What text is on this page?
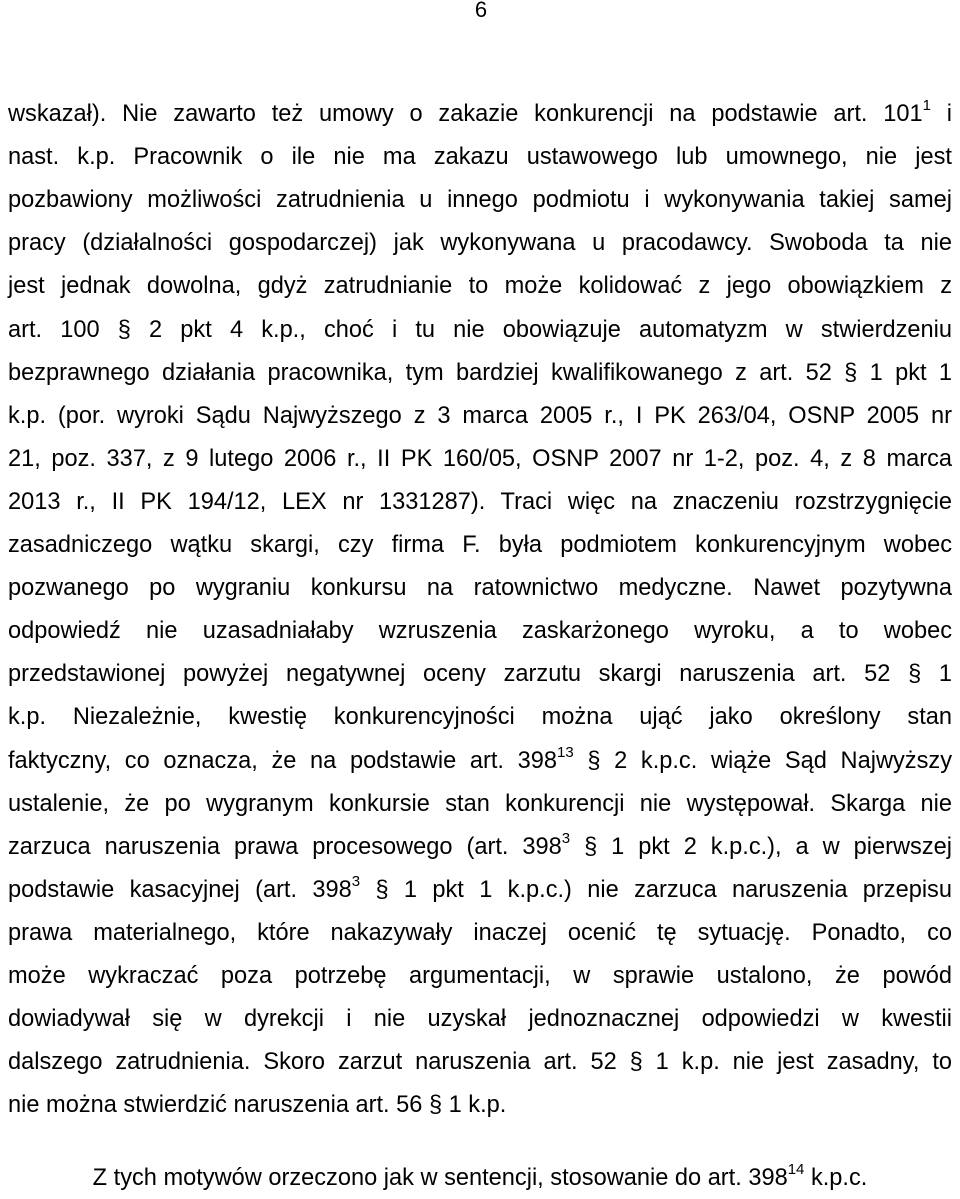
6
wskazał). Nie zawarto też umowy o zakazie konkurencji na podstawie art. $101^1$ i
nast. k.p. Pracownik o ile nie ma zakazu ustawowego lub umownego, nie jest
pozbawiony możliwości zatrudnienia u innego podmiotu i wykonywania takiej samej
pracy (działalności gospodarczej) jak wykonywana u pracodawcy. Swoboda ta nie
jest jednak dowolna, gdyż zatrudnianie to może kolidować z jego obowiązkiem z
art. 100 § 2 pkt 4 k.p., choć i tu nie obowiązuje automatyzm w stwierdzeniu
bezprawnego działania pracownika, tym bardziej kwalifikowanego z art. 52 § 1 pkt 1
k.p. (por. wyroki Sądu Najwyższego z 3 marca 2005 r., I PK 263/04, OSNP 2005 nr
21, poz. 337, z 9 lutego 2006 r., II PK 160/05, OSNP 2007 nr 1-2, poz. 4, z 8 marca
2013 r., II PK 194/12, LEX nr 1331287). Traci więc na znaczeniu rozstrzygnięcie
zasadniczego wątku skargi, czy firma F. była podmiotem konkurencyjnym wobec
pozwanego po wygraniu konkursu na ratownictwo medyczne. Nawet pozytywna
odpowiedź nie uzasadniałaby wzruszenia zaskarżonego wyroku, a to wobec
przedstawionej powyżej negatywnej oceny zarzutu skargi naruszenia art. 52 § 1
k.p. Niezależnie, kwestię konkurencyjności można ująć jako określony stan
faktyczny, co oznacza, że na podstawie art. $398^{13}$ § 2 k.p.c. wiąże Sąd Najwyższy
ustalenie, że po wygranym konkursie stan konkurencji nie występował. Skarga nie
zarzuca naruszenia prawa procesowego (art. $398^3$ § 1 pkt 2 k.p.c.), a w pierwszej
podstawie kasacyjnej (art. $398^3$ § 1 pkt 1 k.p.c.) nie zarzuca naruszenia przepisu
prawa materialnego, które nakazywały inaczej ocenić tę sytuację. Ponadto, co
może wykraczać poza potrzebę argumentacji, w sprawie ustalono, że powód
dowiadywał się w dyrekcji i nie uzyskał jednoznacznej odpowiedzi w kwestii
dalszego zatrudnienia. Skoro zarzut naruszenia art. 52 § 1 k.p. nie jest zasadny, to
nie można stwierdzić naruszenia art. 56 § 1 k.p.
Z tych motywów orzeczono jak w sentencji, stosowanie do art. $398^{14}$ k.p.c.
